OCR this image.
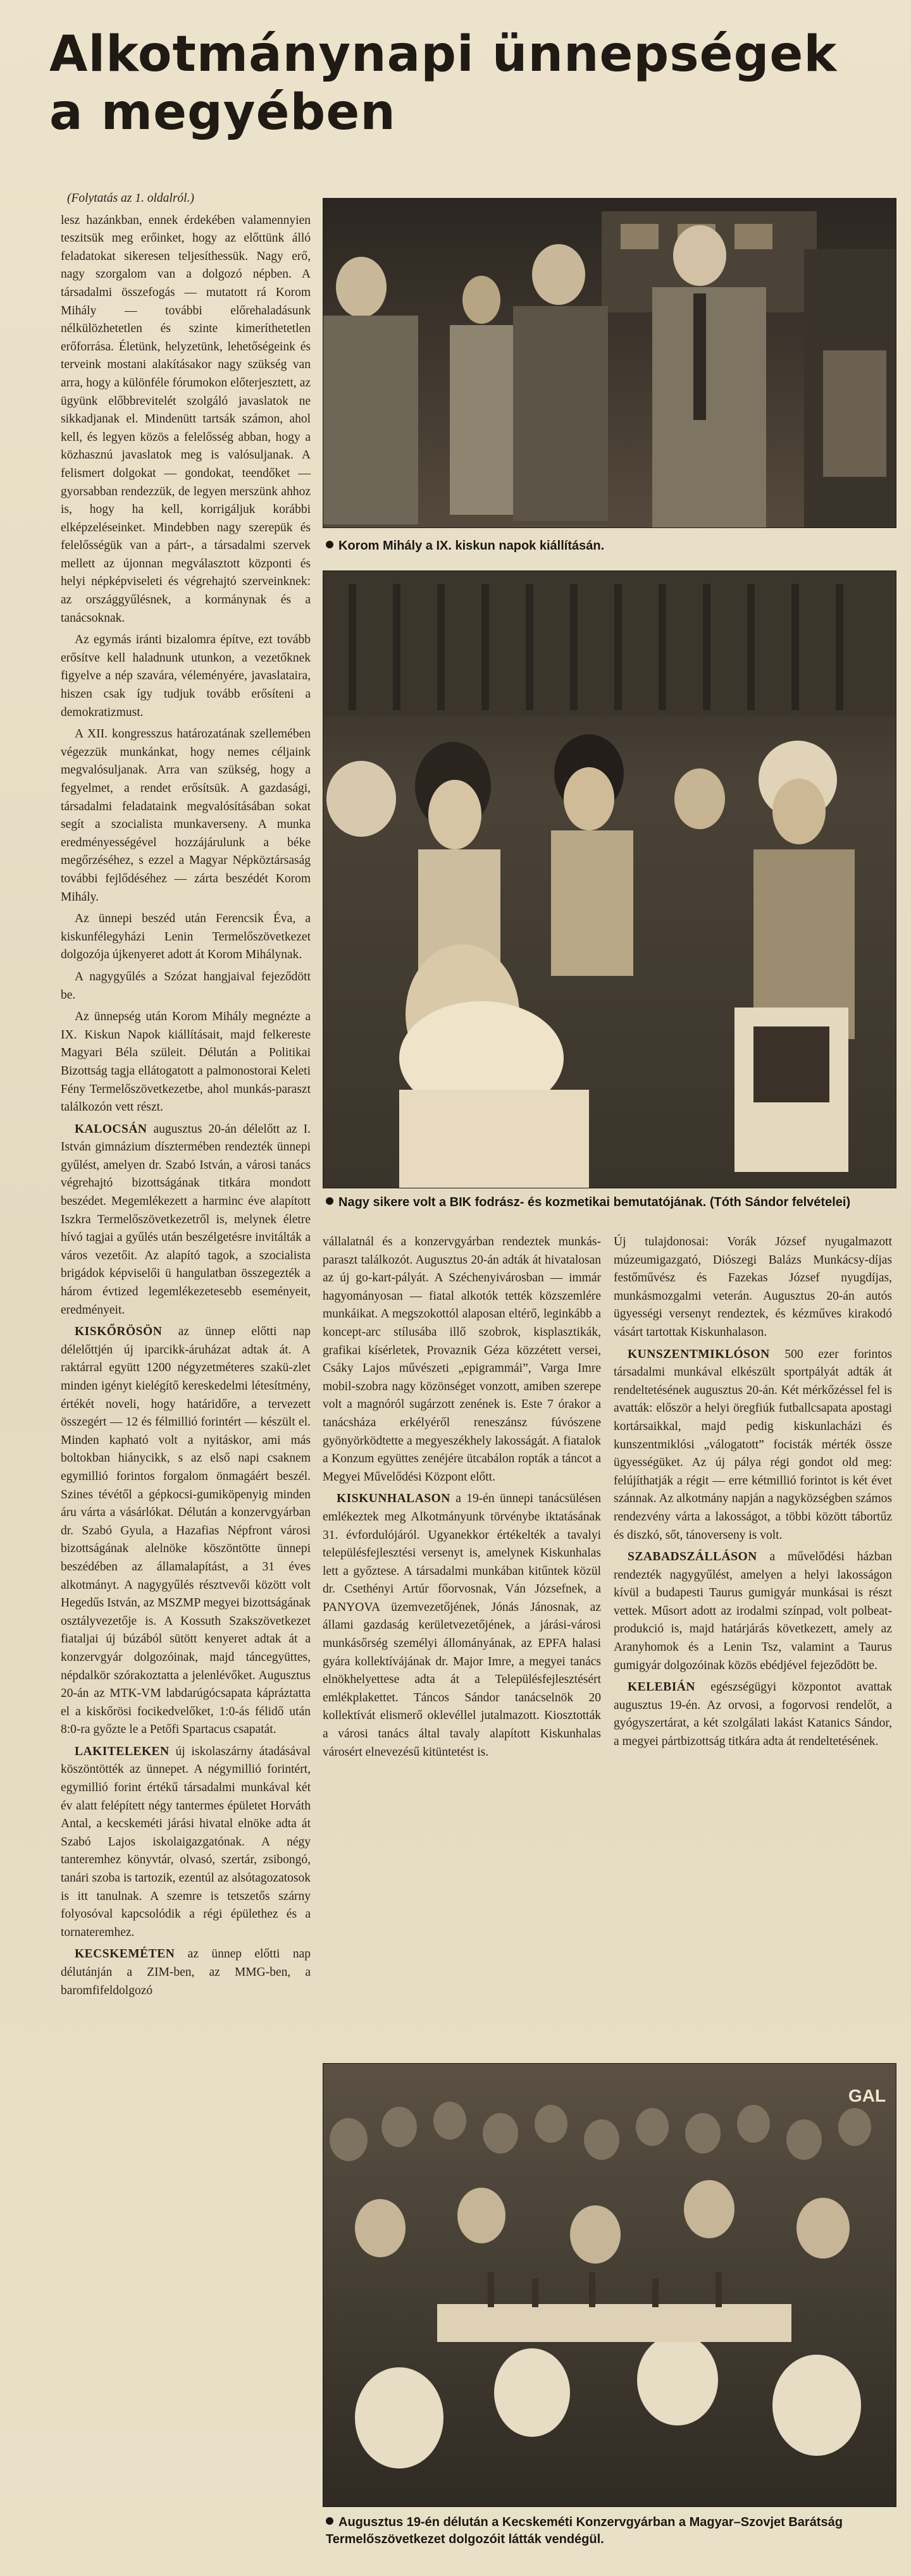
Alkotmánynapi ünnepségek a megyében

(Folytatás az 1. oldalról.)

lesz hazánkban, ennek érdekében valamennyien teszitsük meg erőinket, hogy az előttünk álló feladatokat sikeresen teljesíthessük. Nagy erő, nagy szorgalom van a dolgozó népben. A társadalmi összefogás — mutatott rá Korom Mihály — további előrehaladásunk nélkülözhetetlen és szinte kimeríthetetlen erőforrása. Életünk, helyzetünk, lehetőségeink és terveink mostani alakításakor nagy szükség van arra, hogy a különféle fórumokon előterjesztett, az ügyünk előbbrevitelét szolgáló javaslatok ne sikkadjanak el. Mindenütt tartsák számon, ahol kell, és legyen közös a felelősség abban, hogy a közhasznú javaslatok meg is valósuljanak. A felismert dolgokat — gondokat, teendőket — gyorsabban rendezzük, de legyen merszünk ahhoz is, hogy ha kell, korrigáljuk korábbi elképzeléseinket. Mindebben nagy szerepük és felelősségük van a párt-, a társadalmi szervek mellett az újonnan megválasztott központi és helyi népképviseleti és végrehajtó szerveinknek: az országgyűlésnek, a kormánynak és a tanácsoknak.

Az egymás iránti bizalomra építve, ezt tovább erősítve kell haladnunk utunkon, a vezetőknek figyelve a nép szavára, véleményére, javaslataira, hiszen csak így tudjuk tovább erősíteni a demokratizmust.

A XII. kongresszus határozatának szellemében végezzük munkánkat, hogy nemes céljaink megvalósuljanak. Arra van szükség, hogy a fegyelmet, a rendet erősítsük. A gazdasági, társadalmi feladataink megvalósításában sokat segít a szocialista munkaverseny. A munka eredményességével hozzájárulunk a béke megőrzéséhez, s ezzel a Magyar Népköztársaság további fejlődéséhez — zárta beszédét Korom Mihály.

Az ünnepi beszéd után Ferencsik Éva, a kiskunfélegyházi Lenin Termelőszövetkezet dolgozója újkenyeret adott át Korom Mihálynak.

A nagygyűlés a Szózat hangjaival fejeződött be.

Az ünnepség után Korom Mihály megnézte a IX. Kiskun Napok kiállításait, majd felkereste Magyari Béla szüleit. Délután a Politikai Bizottság tagja ellátogatott a palmonostorai Keleti Fény Termelőszövetkezetbe, ahol munkás-paraszt találkozón vett részt.

KALOCSÁN augusztus 20-án délelőtt az I. István gimnázium dísztermében rendezték ünnepi gyűlést, amelyen dr. Szabó István, a városi tanács végrehajtó bizottságának titkára mondott beszédet. Megemlékezett a harminc éve alapított Iszkra Termelőszövetkezetről is, melynek életre hívó tagjai a gyűlés után beszélgetésre invitálták a város vezetőit. Az alapító tagok, a szocialista brigádok képviselői ü hangulatban összegezték a három évtized legemlékezetesebb eseményeit, eredményeit.

KISKŐRÖSÖN az ünnep előtti nap délelőttjén új iparcikk-áruházat adtak át. A raktárral együtt 1200 négyzetméteres szakü-zlet minden igényt kielégítő kereskedelmi létesítmény, értékét noveli, hogy határidőre, a tervezett összegért — 12 és félmillió forintért — készült el. Minden kapható volt a nyitáskor, ami más boltokban hiánycikk, s az első napi csaknem egymillió forintos forgalom önmagáért beszél. Szines tévétől a gépkocsi-gumiköpenyig minden áru várta a vásárlókat. Délután a konzervgyárban dr. Szabó Gyula, a Hazafias Népfront városi bizottságának alelnöke köszöntötte ünnepi beszédében az államalapítást, a 31 éves alkotmányt. A nagygyűlés résztvevői között volt Hegedűs István, az MSZMP megyei bizottságának osztályvezetője is. A Kossuth Szakszövetkezet fiataljai új búzából sütött kenyeret adtak át a konzervgyár dolgozóinak, majd táncegyüttes, népdalkör szórakoztatta a jelenlévőket. Augusztus 20-án az MTK-VM labdarúgócsapata kápráztatta el a kiskőrösi focikedvelőket, 1:0-ás félidő után 8:0-ra győzte le a Petőfi Spartacus csapatát.

LAKITELEKEN új iskolaszárny átadásával köszöntötték az ünnepet. A négymillió forintért, egymillió forint értékű társadalmi munkával két év alatt felépített négy tantermes épületet Horváth Antal, a kecskeméti járási hivatal elnöke adta át Szabó Lajos iskolaigazgatónak. A négy tanteremhez könyvtár, olvasó, szertár, zsibongó, tanári szoba is tartozik, ezentúl az alsótagozatosok is itt tanulnak. A szemre is tetszetős szárny folyosóval kapcsolódik a régi épülethez és a tornateremhez.

KECSKEMÉTEN az ünnep előtti nap délutánján a ZIM-ben, az MMG-ben, a baromfifeldolgozó

Korom Mihály a IX. kiskun napok kiállításán.
Nagy sikere volt a BIK fodrász- és kozmetikai bemutatójának. (Tóth Sándor felvételei)

vállalatnál és a konzervgyárban rendeztek munkás-paraszt találkozót. Augusztus 20-án adták át hivatalosan az új go-kart-pályát. A Széchenyivárosban — immár hagyományosan — fiatal alkotók tették közszemlére munkáikat. A megszokottól alaposan eltérő, leginkább a koncept-arc stílusába illő szobrok, kisplasztikák, grafikai kísérletek, Provaznik Géza közzétett versei, Csáky Lajos művészeti „epigrammái”, Varga Imre mobil-szobra nagy közönséget vonzott, amiben szerepe volt a magnóról sugárzott zenének is. Este 7 órakor a tanácsháza erkélyéről reneszánsz fúvószene gyönyörködtette a megyeszékhely lakosságát. A fiatalok a Konzum együttes zenéjére ütcabálon ropták a táncot a Megyei Művelődési Központ előtt.

KISKUNHALASON a 19-én ünnepi tanácsülésen emlékeztek meg Alkotmányunk törvénybe iktatásának 31. évfordulójáról. Ugyanekkor értékelték a tavalyi településfejlesztési versenyt is, amelynek Kiskunhalas lett a győztese. A társadalmi munkában kitűntek közül dr. Csethényi Artúr főorvosnak, Ván Józsefnek, a PANYOVA üzemvezetőjének, Jónás Jánosnak, az állami gazdaság kerületvezetőjének, a járási-városi munkásőrség személyi állományának, az EPFA halasi gyára kollektívájának dr. Major Imre, a megyei tanács elnökhelyettese adta át a Településfejlesztésért emlékplakettet. Táncos Sándor tanácselnök 20 kollektívát elismerő oklevéllel jutalmazott. Kiosztották a városi tanács által tavaly alapított Kiskunhalas városért elnevezésű kitüntetést is.

Új tulajdonosai: Vorák József nyugalmazott múzeumigazgató, Diószegi Balázs Munkácsy-díjas festőművész és Fazekas József nyugdíjas, munkásmozgalmi veterán. Augusztus 20-án autós ügyességi versenyt rendeztek, és kézműves kirakodó vásárt tartottak Kiskunhalason.

KUNSZENTMIKLÓSON 500 ezer forintos társadalmi munkával elkészült sportpályát adták át rendeltetésének augusztus 20-án. Két mérkőzéssel fel is avatták: először a helyi öregfiúk futballcsapata apostagi kortársaikkal, majd pedig kiskunlacházi és kunszentmiklósi „válogatott” focisták mérték össze ügyességüket. Az új pálya régi gondot old meg: felújíthatják a régit — erre kétmillió forintot is két évet szánnak. Az alkotmány napján a nagyközségben számos rendezvény várta a lakosságot, a többi között tábortűz és diszkó, sőt, tánoverseny is volt.

SZABADSZÁLLÁSON a művelődési házban rendezték nagygyűlést, amelyen a helyi lakosságon kívül a budapesti Taurus gumigyár munkásai is részt vettek. Műsort adott az irodalmi színpad, volt polbeat-produkció is, majd határjárás következett, amely az Aranyhomok és a Lenin Tsz, valamint a Taurus gumigyár dolgozóinak közös ebédjével fejeződött be.

KELEBIÁN egészségügyi központot avattak augusztus 19-én. Az orvosi, a fogorvosi rendelőt, a gyógyszertárat, a két szolgálati lakást Katanics Sándor, a megyei pártbizottság titkára adta át rendeltetésének.

GAL
Augusztus 19-én délután a Kecskeméti Konzervgyárban a Magyar–Szovjet Barátság Termelőszövetkezet dolgozóit látták vendégül.
